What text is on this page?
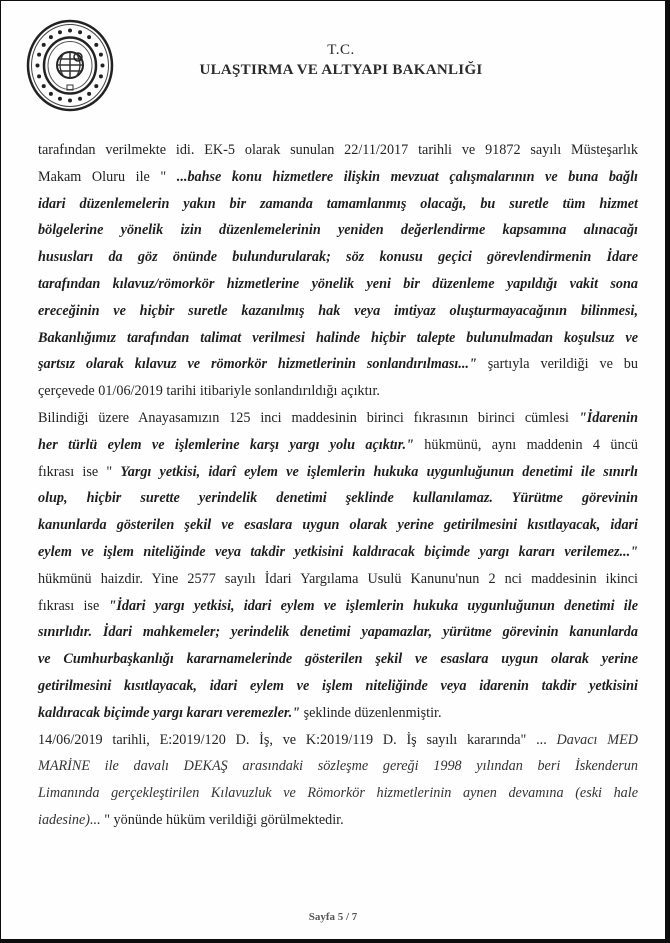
T.C.
ULAŞTIRMA VE ALTYAPI BAKANLIĞI
tarafından verilmekte idi. EK-5 olarak sunulan 22/11/2017 tarihli ve 91872 sayılı Müsteşarlık
Makam Oluru ile " ...bahse konu hizmetlere ilişkin mevzuat çalışmalarının ve buna bağlı
idari düzenlemelerin yakın bir zamanda tamamlanmış olacağı, bu suretle tüm hizmet
bölgelerine yönelik izin düzenlemelerinin yeniden değerlendirme kapsamına alınacağı
hususları da göz önünde bulundurularak; söz konusu geçici görevlendirmenin İdare
tarafından kılavuz/römorkör hizmetlerine yönelik yeni bir düzenleme yapıldığı vakit sona
ereceğinin ve hiçbir suretle kazanılmış hak veya imtiyaz oluşturmayacağının bilinmesi,
Bakanlığımız tarafından talimat verilmesi halinde hiçbir talepte bulunulmadan koşulsuz ve
şartsız olarak kılavuz ve römorkör hizmetlerinin sonlandırılması..." şartıyla verildiği ve bu
çerçevede 01/06/2019 tarihi itibariyle sonlandırıldığı açıktır.
Bilindiği üzere Anayasamızın 125 inci maddesinin birinci fıkrasının birinci cümlesi "İdarenin
her türlü eylem ve işlemlerine karşı yargı yolu açıktır." hükmünü, aynı maddenin 4 üncü
fıkrası ise " Yargı yetkisi, idarî eylem ve işlemlerin hukuka uygunluğunun denetimi ile sınırlı
olup, hiçbir surette yerindelik denetimi şeklinde kullanılamaz. Yürütme görevinin
kanunlarda gösterilen şekil ve esaslara uygun olarak yerine getirilmesini kısıtlayacak, idari
eylem ve işlem niteliğinde veya takdir yetkisini kaldıracak biçimde yargı kararı verilemez..."
hükmünü haizdir. Yine 2577 sayılı İdari Yargılama Usulü Kanunu'nun 2 nci maddesinin ikinci
fıkrası ise "İdari yargı yetkisi, idari eylem ve işlemlerin hukuka uygunluğunun denetimi ile
sınırlıdır. İdari mahkemeler; yerindelik denetimi yapamazlar, yürütme görevinin kanunlarda
ve Cumhurbaşkanlığı kararnamelerinde gösterilen şekil ve esaslara uygun olarak yerine
getirilmesini kısıtlayacak, idari eylem ve işlem niteliğinde veya idarenin takdir yetkisini
kaldıracak biçimde yargı kararı veremezler." şeklinde düzenlenmiştir.
14/06/2019 tarihli, E:2019/120 D. İş, ve K:2019/119 D. İş sayılı kararında" ... Davacı MED
MARİNE ile davalı DEKAŞ arasındaki sözleşme gereği 1998 yılından beri İskenderun
Limanında gerçekleştirilen Kılavuzluk ve Römorkör hizmetlerinin aynen devamına (eski hale
iadesine)... " yönünde hüküm verildiği görülmektedir.
Sayfa 5 / 7
